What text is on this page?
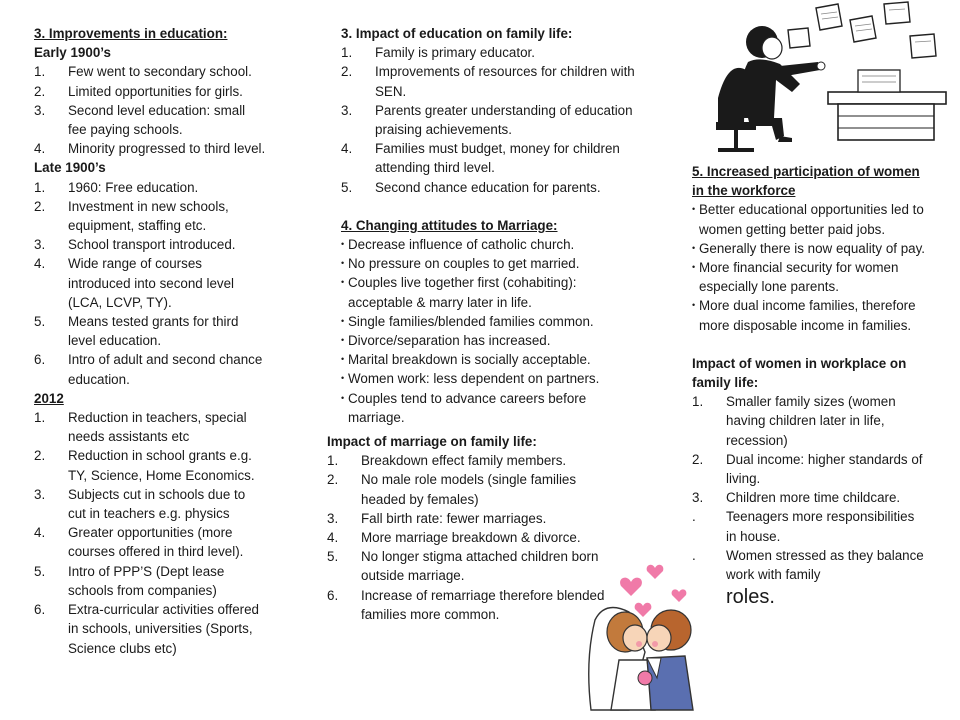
3. Improvements in education:
Early 1900’s
1. Few went to secondary school.
2. Limited opportunities for girls.
3. Second level education: small fee paying schools.
4. Minority progressed to third level.
Late 1900’s
1. 1960: Free education.
2. Investment in new schools, equipment, staffing etc.
3. School transport introduced.
4. Wide range of courses introduced into second level (LCA, LCVP, TY).
5. Means tested grants for third level education.
6. Intro of adult and second chance education.
2012
1. Reduction in teachers, special needs assistants etc
2. Reduction in school grants e.g. TY, Science, Home Economics.
3. Subjects cut in schools due to cut in teachers e.g. physics
4. Greater opportunities (more courses offered in third level).
5. Intro of PPP’S (Dept lease schools from companies)
6. Extra-curricular activities offered in schools, universities (Sports, Science clubs etc)
3. Impact of education on family life:
1. Family is primary educator.
2. Improvements of resources for children with SEN.
3. Parents greater understanding of education praising achievements.
4. Families must budget, money for children attending third level.
5. Second chance education for parents.
4. Changing attitudes to Marriage:
• Decrease influence of catholic church.
• No pressure on couples to get married.
• Couples live together first (cohabiting): acceptable & marry later in life.
• Single families/blended families common.
• Divorce/separation has increased.
• Marital breakdown is socially acceptable.
• Women work: less dependent on partners.
• Couples tend to advance careers before marriage.
Impact of marriage on family life:
1. Breakdown effect family members.
2. No male role models (single families headed by females)
3. Fall birth rate: fewer marriages.
4. More marriage breakdown & divorce.
5. No longer stigma attached children born outside marriage.
6. Increase of remarriage therefore blended families more common.
5. Increased participation of women in the workforce
• Better educational opportunities led to women getting better paid jobs.
• Generally there is now equality of pay.
• More financial security for women especially lone parents.
• More dual income families, therefore more disposable income in families.
Impact of women in workplace on family life:
1. Smaller family sizes (women having children later in life, recession)
2. Dual income: higher standards of living.
3. Children more time childcare.
. Teenagers more responsibilities in house.
. Women stressed as they balance work with family
roles.
